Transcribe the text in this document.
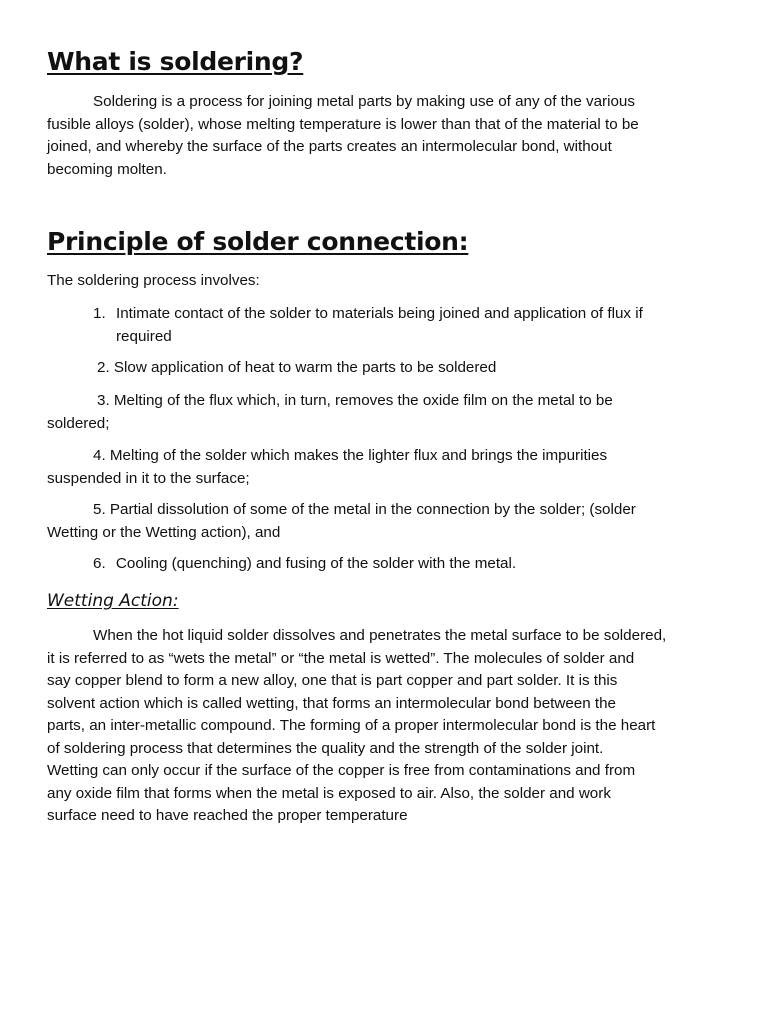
What is soldering?
Soldering is a process for joining metal parts by making use of any of the various
fusible alloys (solder), whose melting temperature is lower than that of the material to be
joined, and whereby the surface of the parts creates an intermolecular bond, without
becoming molten.
Principle of solder connection:
The soldering process involves:
1. Intimate contact of the solder to materials being joined and application of flux if
required
2. Slow application of heat to warm the parts to be soldered
3. Melting of the flux which, in turn, removes the oxide film on the metal to be
soldered;
4. Melting of the solder which makes the lighter flux and brings the impurities
suspended in it to the surface;
5. Partial dissolution of some of the metal in the connection by the solder; (solder
Wetting or the Wetting action), and
6. Cooling (quenching) and fusing of the solder with the metal.
Wetting Action:
When the hot liquid solder dissolves and penetrates the metal surface to be soldered,
it is referred to as “wets the metal” or “the metal is wetted”. The molecules of solder and
say copper blend to form a new alloy, one that is part copper and part solder. It is this
solvent action which is called wetting, that forms an intermolecular bond between the
parts, an inter-metallic compound. The forming of a proper intermolecular bond is the heart
of soldering process that determines the quality and the strength of the solder joint.
Wetting can only occur if the surface of the copper is free from contaminations and from
any oxide film that forms when the metal is exposed to air. Also, the solder and work
surface need to have reached the proper temperature
